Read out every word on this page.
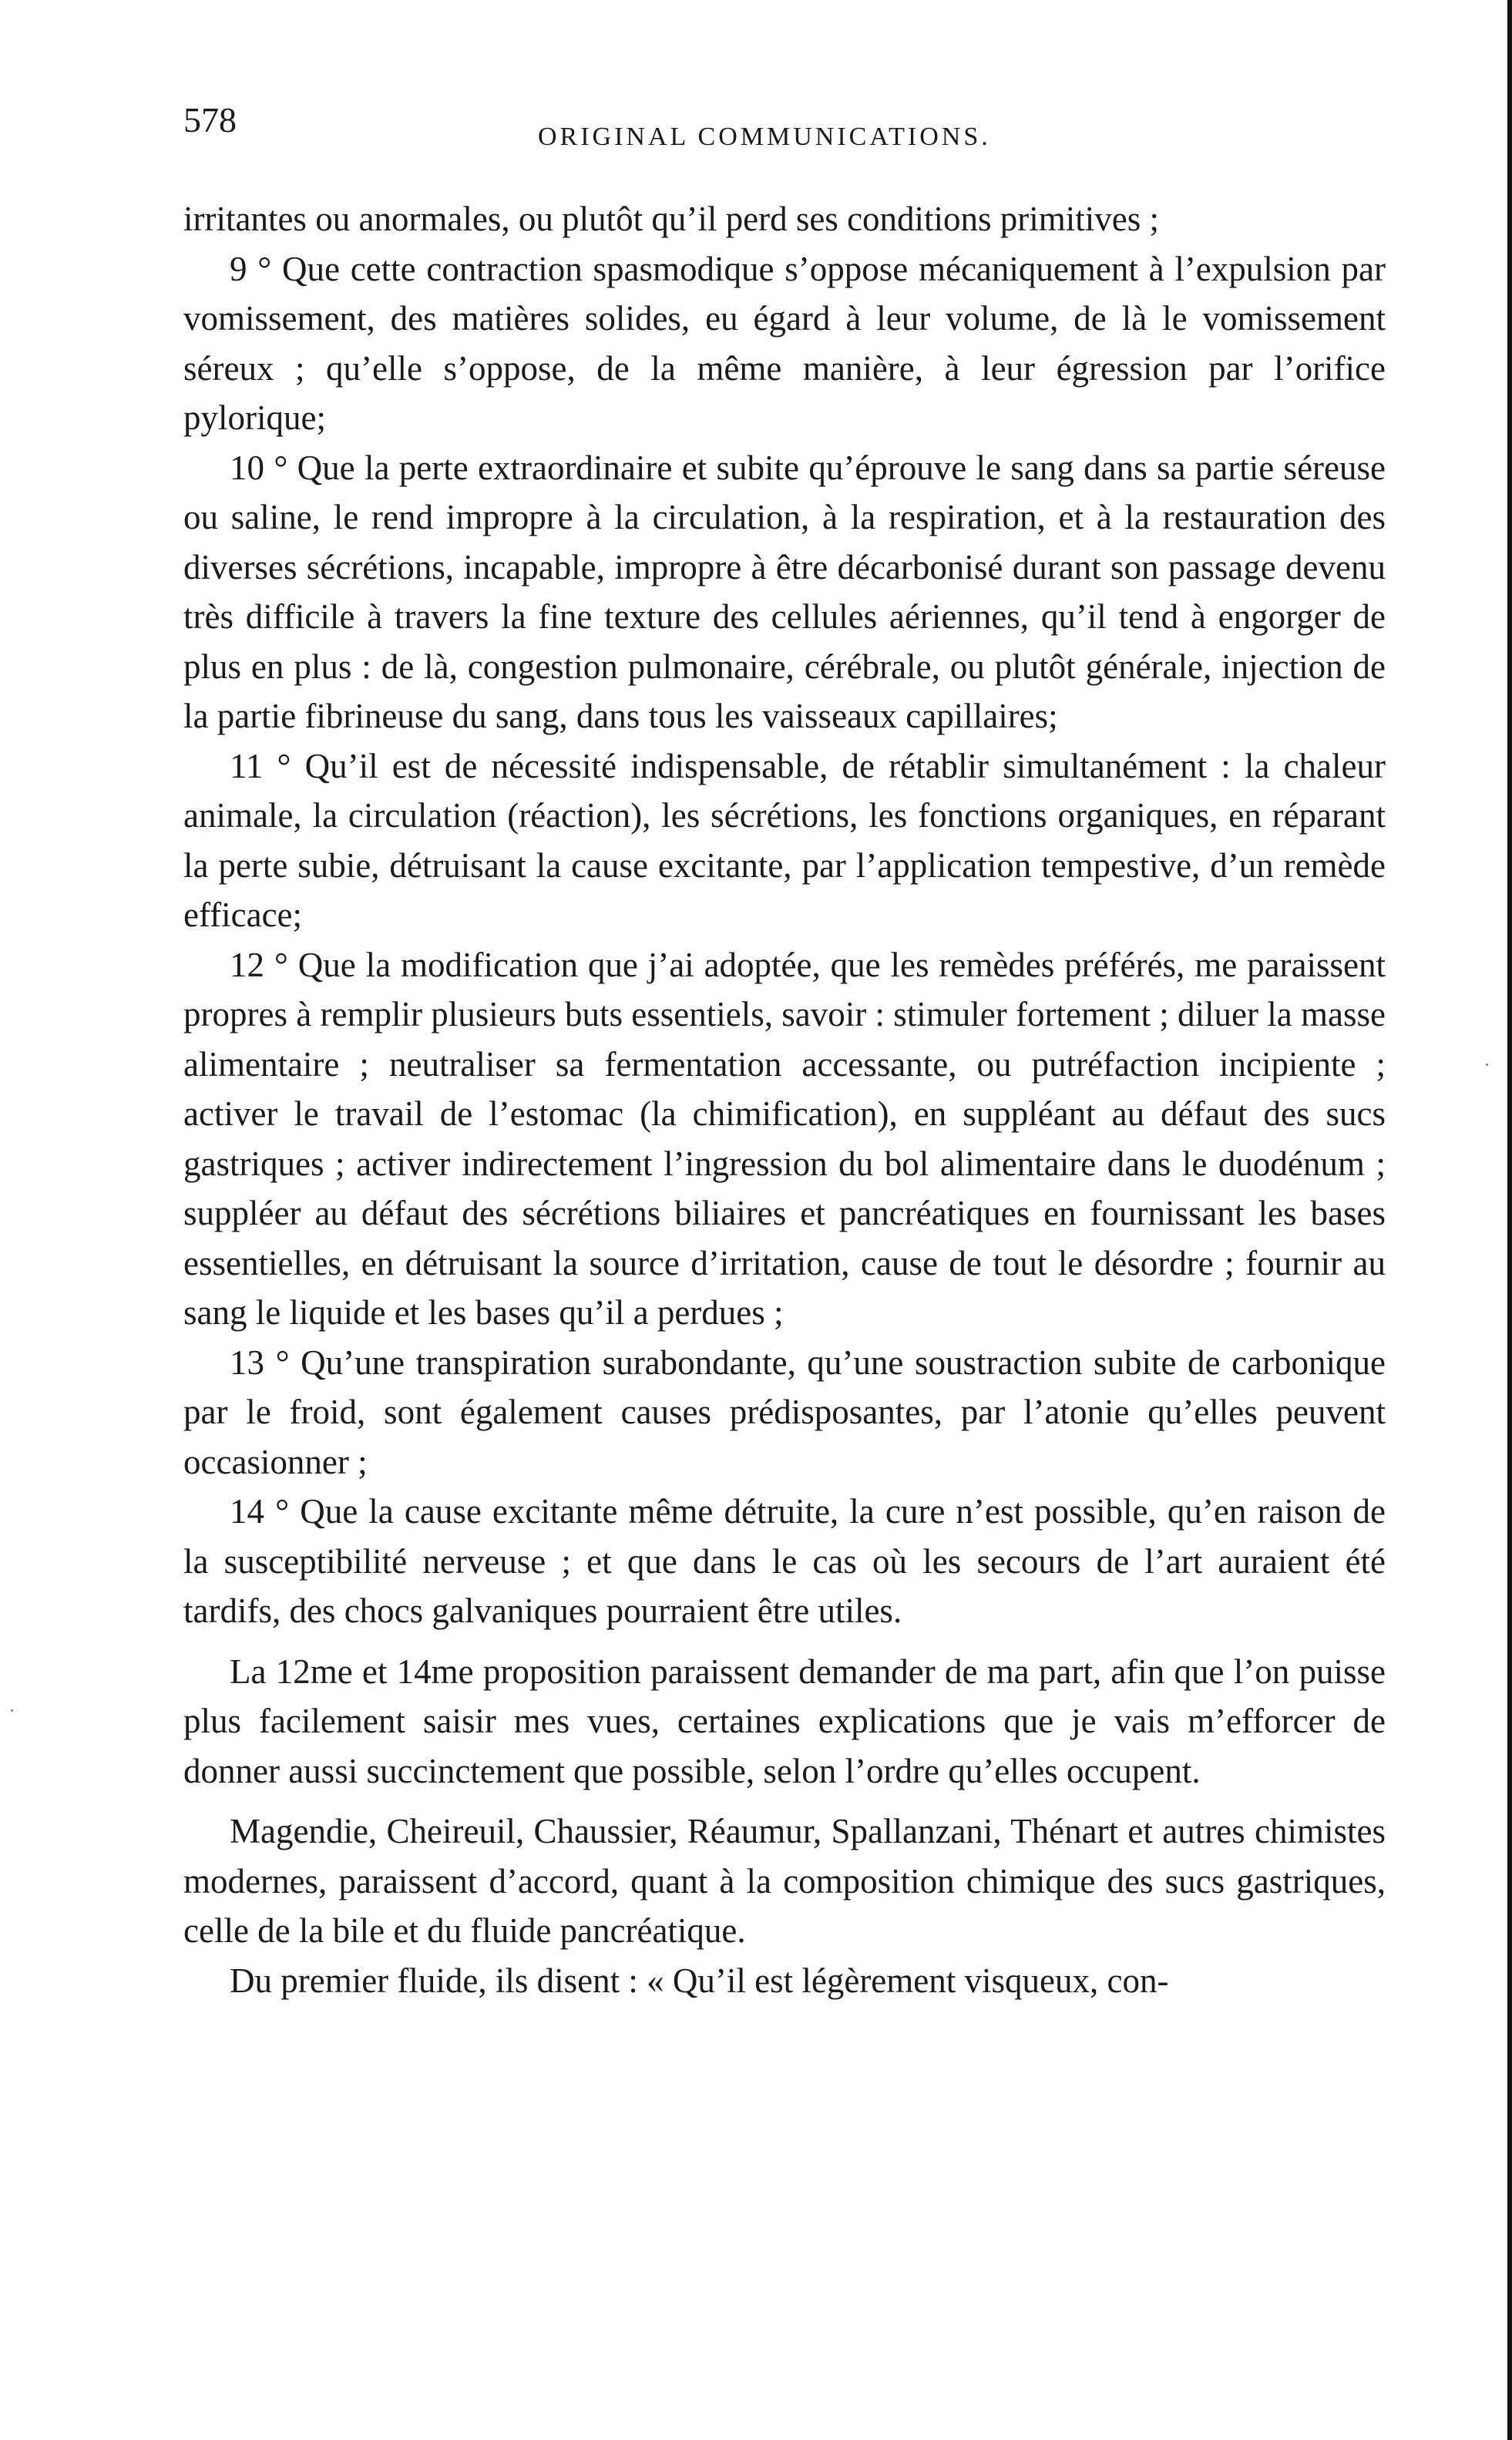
578	ORIGINAL COMMUNICATIONS.

irritantes ou anormales, ou plutôt qu’il perd ses conditions primitives ;

9 ° Que cette contraction spasmodique s’oppose mécaniquement à l’expulsion par vomissement, des matières solides, eu égard à leur volume, de là le vomissement séreux ; qu’elle s’oppose, de la même manière, à leur égression par l’orifice pylorique;

10 ° Que la perte extraordinaire et subite qu’éprouve le sang dans sa partie séreuse ou saline, le rend impropre à la circulation, à la respiration, et à la restauration des diverses sécrétions, incapable, impropre à être décarbonisé durant son passage devenu très difficile à travers la fine texture des cellules aériennes, qu’il tend à engorger de plus en plus : de là, congestion pulmonaire, cérébrale, ou plutôt générale, injection de la partie fibrineuse du sang, dans tous les vaisseaux capillaires;

11 ° Qu’il est de nécessité indispensable, de rétablir simultanément : la chaleur animale, la circulation (réaction), les sécrétions, les fonctions organiques, en réparant la perte subie, détruisant la cause excitante, par l’application tempestive, d’un remède efficace;

12 ° Que la modification que j’ai adoptée, que les remèdes préférés, me paraissent propres à remplir plusieurs buts essentiels, savoir : stimuler fortement ; diluer la masse alimentaire ; neutraliser sa fermentation accessante, ou putréfaction incipiente ; activer le travail de l’estomac (la chimification), en suppléant au défaut des sucs gastriques ; activer indirectement l’ingression du bol alimentaire dans le duodénum ; suppléer au défaut des sécrétions biliaires et pancréatiques en fournissant les bases essentielles, en détruisant la source d’irritation, cause de tout le désordre ; fournir au sang le liquide et les bases qu’il a perdues ;

13 ° Qu’une transpiration surabondante, qu’une soustraction subite de carbonique par le froid, sont également causes prédisposantes, par l’atonie qu’elles peuvent occasionner ;

14 ° Que la cause excitante même détruite, la cure n’est possible, qu’en raison de la susceptibilité nerveuse ; et que dans le cas où les secours de l’art auraient été tardifs, des chocs galvaniques pourraient être utiles.

La 12me et 14me proposition paraissent demander de ma part, afin que l’on puisse plus facilement saisir mes vues, certaines explications que je vais m’efforcer de donner aussi succinctement que possible, selon l’ordre qu’elles occupent.

Magendie, Cheireuil, Chaussier, Réaumur, Spallanzani, Thénart et autres chimistes modernes, paraissent d’accord, quant à la composition chimique des sucs gastriques, celle de la bile et du fluide pancréatique.

Du premier fluide, ils disent : « Qu’il est légèrement visqueux, con-
